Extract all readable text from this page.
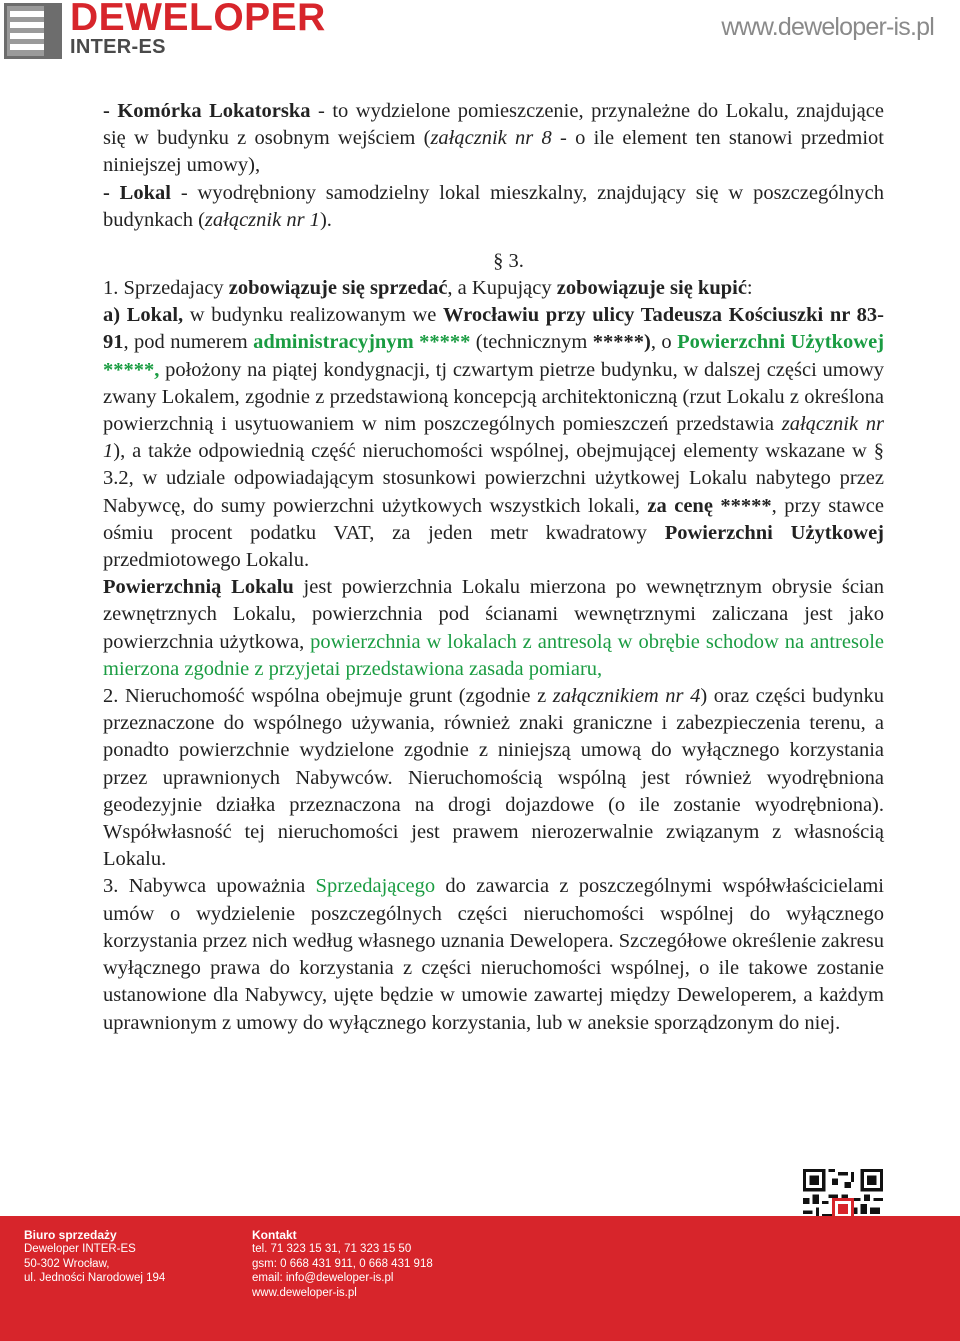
DEWELOPER
INTER-ES
www.deweloper-is.pl

- Komórka Lokatorska - to wydzielone pomieszczenie, przynależne do Lokalu, znajdujące się w budynku z osobnym wejściem (załącznik nr 8 - o ile element ten stanowi przedmiot niniejszej umowy),

- Lokal - wyodrębniony samodzielny lokal mieszkalny, znajdujący się w poszczególnych budynkach (załącznik nr 1).

§ 3.

1. Sprzedajacy zobowiązuje się sprzedać, a Kupujący zobowiązuje się kupić:

a) Lokal, w budynku realizowanym we Wrocławiu przy ulicy Tadeusza Kościuszki nr 83-91, pod numerem administracyjnym ***** (technicznym *****), o Powierzchni Użytkowej *****, położony na piątej kondygnacji, tj czwartym pietrze budynku, w dalszej części umowy zwany Lokalem, zgodnie z przedstawioną koncepcją architektoniczną (rzut Lokalu z określona powierzchnią i usytuowaniem w nim poszczególnych pomieszczeń przedstawia załącznik nr 1), a także odpowiednią część nieruchomości wspólnej, obejmującej elementy wskazane w § 3.2, w udziale odpowiadającym stosunkowi powierzchni użytkowej Lokalu nabytego przez Nabywcę, do sumy powierzchni użytkowych wszystkich lokali, za cenę *****, przy stawce ośmiu procent podatku VAT, za jeden metr kwadratowy Powierzchni Użytkowej przedmiotowego Lokalu.

Powierzchnią Lokalu jest powierzchnia Lokalu mierzona po wewnętrznym obrysie ścian zewnętrznych Lokalu, powierzchnia pod ścianami wewnętrznymi zaliczana jest jako powierzchnia użytkowa, powierzchnia w lokalach z antresolą w obrębie schodow na antresole mierzona zgodnie z przyjetai przedstawiona zasada pomiaru,

2. Nieruchomość wspólna obejmuje grunt (zgodnie z załącznikiem nr 4) oraz części budynku przeznaczone do wspólnego używania, również znaki graniczne i zabezpieczenia terenu, a ponadto powierzchnie wydzielone zgodnie z niniejszą umową do wyłącznego korzystania przez uprawnionych Nabywców. Nieruchomością wspólną jest również wyodrębniona geodezyjnie działka przeznaczona na drogi dojazdowe (o ile zostanie wyodrębniona). Współwłasność tej nieruchomości jest prawem nierozerwalnie związanym z własnością Lokalu.

3. Nabywca upoważnia Sprzedającego do zawarcia z poszczególnymi współwłaścicielami umów o wydzielenie poszczególnych części nieruchomości wspólnej do wyłącznego korzystania przez nich według własnego uznania Dewelopera. Szczegółowe określenie zakresu wyłącznego prawa do korzystania z części nieruchomości wspólnej, o ile takowe zostanie ustanowione dla Nabywcy, ujęte będzie w umowie zawartej między Deweloperem, a każdym uprawnionym z umowy do wyłącznego korzystania, lub w aneksie sporządzonym do niej.

Biuro sprzedaży
Deweloper INTER-ES
50-302 Wrocław,
ul. Jedności Narodowej 194
Kontakt
tel. 71 323 15 31, 71 323 15 50
gsm: 0 668 431 911, 0 668 431 918
email: info@deweloper-is.pl
www.deweloper-is.pl
